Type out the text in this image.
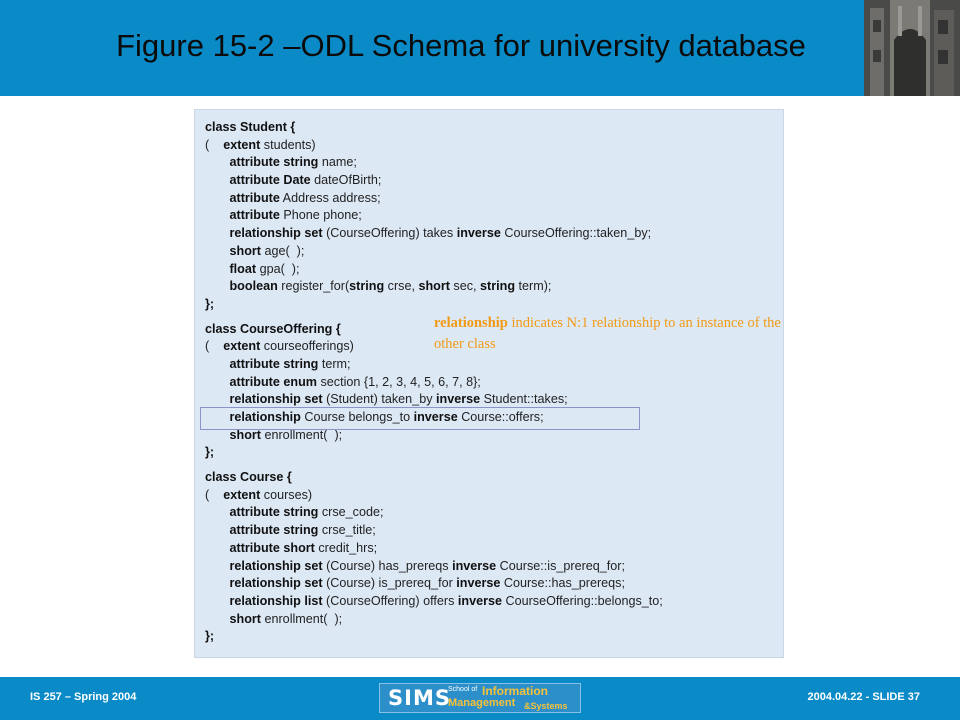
Figure 15-2 –ODL Schema for university database
class Student {
(    extent students)
attribute string name;
attribute Date dateOfBirth;
attribute Address address;
attribute Phone phone;
relationship set (CourseOffering) takes inverse CourseOffering::taken_by;
short age(  );
float gpa(  );
boolean register_for(string crse, short sec, string term);
};
class CourseOffering {
(    extent courseofferings)
attribute string term;
attribute enum section {1, 2, 3, 4, 5, 6, 7, 8};
relationship set (Student) taken_by inverse Student::takes;
relationship Course belongs_to inverse Course::offers;
short enrollment(  );
};
class Course {
(    extent courses)
attribute string crse_code;
attribute string crse_title;
attribute short credit_hrs;
relationship set (Course) has_prereqs inverse Course::is_prereq_for;
relationship set (Course) is_prereq_for inverse Course::has_prereqs;
relationship list (CourseOffering) offers inverse CourseOffering::belongs_to;
short enrollment(  );
};
relationship indicates N:1 relationship to an instance of the other class
IS 257 – Spring 2004	SIMS
School of Information
Management &Systems
2004.04.22 - SLIDE 37
